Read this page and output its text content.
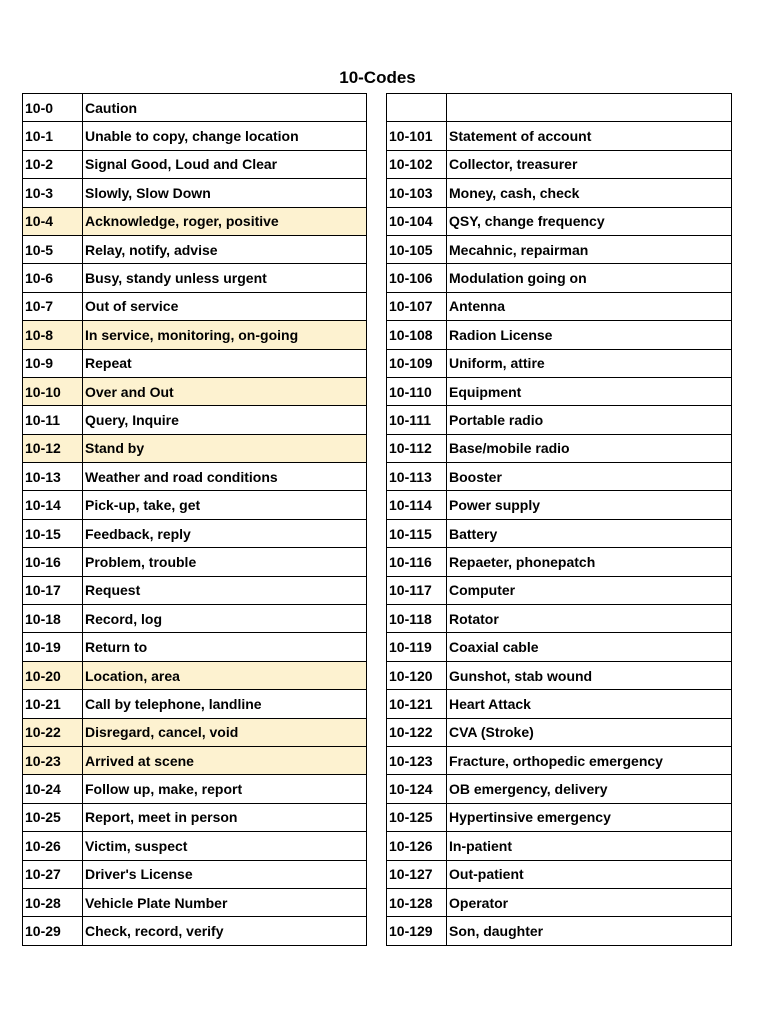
10-Codes
10-0	Caution
10-1	Unable to copy, change location
10-2	Signal Good, Loud and Clear
10-3	Slowly, Slow Down
10-4	Acknowledge, roger, positive
10-5	Relay, notify, advise
10-6	Busy, standy unless urgent
10-7	Out of service
10-8	In service, monitoring, on-going
10-9	Repeat
10-10	Over and Out
10-11	Query, Inquire
10-12	Stand by
10-13	Weather and road conditions
10-14	Pick-up, take, get
10-15	Feedback, reply
10-16	Problem, trouble
10-17	Request
10-18	Record, log
10-19	Return to
10-20	Location, area
10-21	Call by telephone, landline
10-22	Disregard, cancel, void
10-23	Arrived at scene
10-24	Follow up, make, report
10-25	Report, meet in person
10-26	Victim, suspect
10-27	Driver's License
10-28	Vehicle Plate Number
10-29	Check, record, verify

10-101	Statement of account
10-102	Collector, treasurer
10-103	Money, cash, check
10-104	QSY, change frequency
10-105	Mecahnic, repairman
10-106	Modulation going on
10-107	Antenna
10-108	Radion License
10-109	Uniform, attire
10-110	Equipment
10-111	Portable radio
10-112	Base/mobile radio
10-113	Booster
10-114	Power supply
10-115	Battery
10-116	Repaeter, phonepatch
10-117	Computer
10-118	Rotator
10-119	Coaxial cable
10-120	Gunshot, stab wound
10-121	Heart Attack
10-122	CVA (Stroke)
10-123	Fracture, orthopedic emergency
10-124	OB emergency, delivery
10-125	Hypertinsive emergency
10-126	In-patient
10-127	Out-patient
10-128	Operator
10-129	Son, daughter
